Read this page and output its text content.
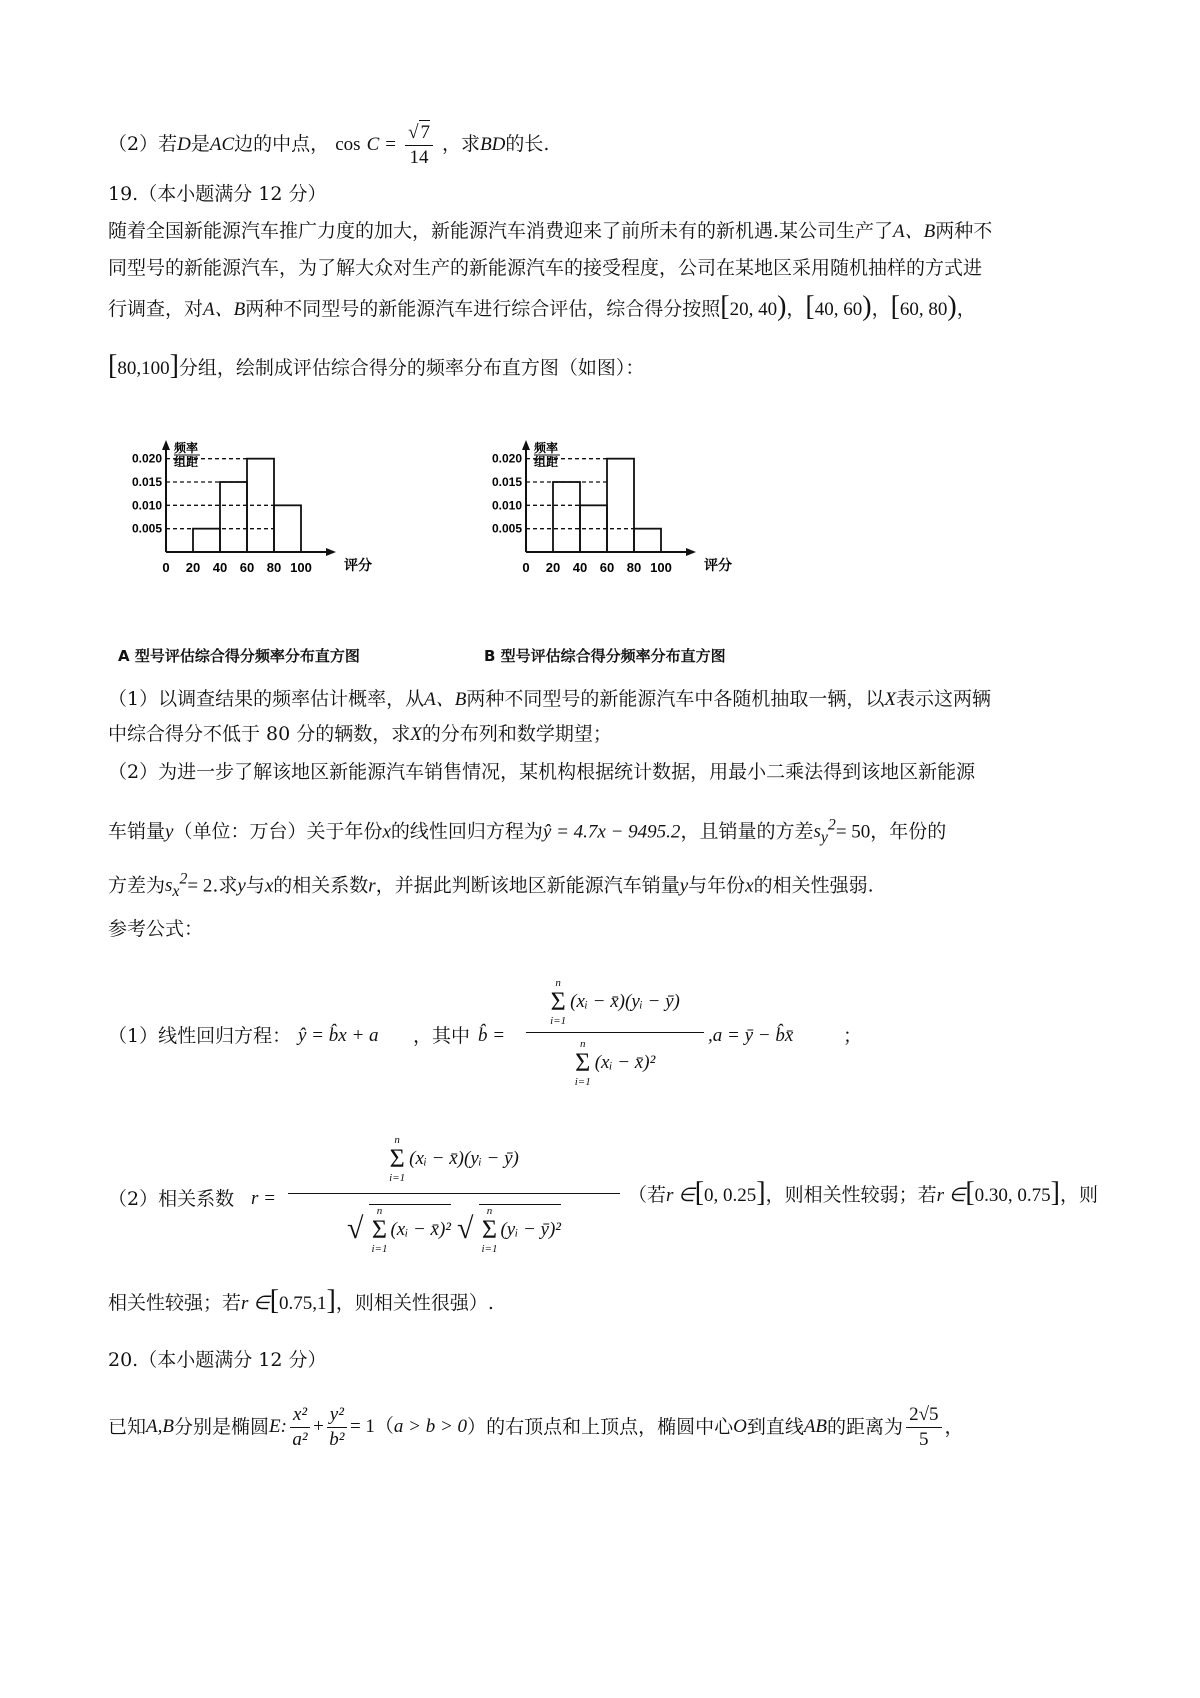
（2）若D是AC边的中点， $\cos C = \frac{√ 7}{14}$ ，求BD的长.
19.（本小题满分 12 分）
随着全国新能源汽车推广力度的加大，新能源汽车消费迎来了前所未有的新机遇.某公司生产了A、B两种不
同型号的新能源汽车，为了解大众对生产的新能源汽车的接受程度，公司在某地区采用随机抽样的方式进
行调查，对A、B两种不同型号的新能源汽车进行综合评估，综合得分按照[20, 40)，[40, 60)，[60, 80)，
[80,100]分组，绘制成评估综合得分的频率分布直方图（如图）：
频率
组距
0.005
0.010
0.015
0.020
0 20 40 60 80 100 评分
A 型号评估综合得分频率分布直方图
频率
组距
0.005
0.010
0.015
0.020
0 20 40 60 80 100 评分
B 型号评估综合得分频率分布直方图
（1）以调查结果的频率估计概率，从A、B两种不同型号的新能源汽车中各随机抽取一辆，以X表示这两辆
中综合得分不低于 80 分的辆数，求X的分布列和数学期望；
（2）为进一步了解该地区新能源汽车销售情况，某机构根据统计数据，用最小二乘法得到该地区新能源
车销量y（单位：万台）关于年份x的线性回归方程为ŷ = 4.7x − 9495.2，且销量的方差$s_y^2= 50$，年份的
方差为$s_x^2= 2$.求y与x的相关系数r，并据此判断该地区新能源汽车销量y与年份x的相关性强弱.
参考公式：
（1）线性回归方程： ŷ = b̂x + a ，其中 b̂ =
n
Σ
i=1
(xᵢ − x̄)(yᵢ − ȳ)
n
Σ
i=1
(xᵢ − x̄)²
,a = ȳ − b̂x̄	；
（2）相关系数 r =
n
Σ
i=1
(xᵢ − x̄)(yᵢ − ȳ)
√
n
Σ
i=1
(xᵢ − x̄)² √
n
Σ
i=1
(yᵢ − ȳ)²
（若r ∈[0, 0.25]，则相关性较弱；若r ∈[0.30, 0.75]，则
相关性较强；若r ∈[0.75,1]，则相关性很强）.
20.（本小题满分 12 分）
已知 A,B 分别是椭圆 E: $\frac{\text{x²}}{\text{a²}} + \frac{\text{y²}}{\text{b²}} = 1$（ a > b > 0 ）的右顶点和上顶点，椭圆中心 O 到直线 AB 的距离为 $\frac{2√5}{5}$ ，
